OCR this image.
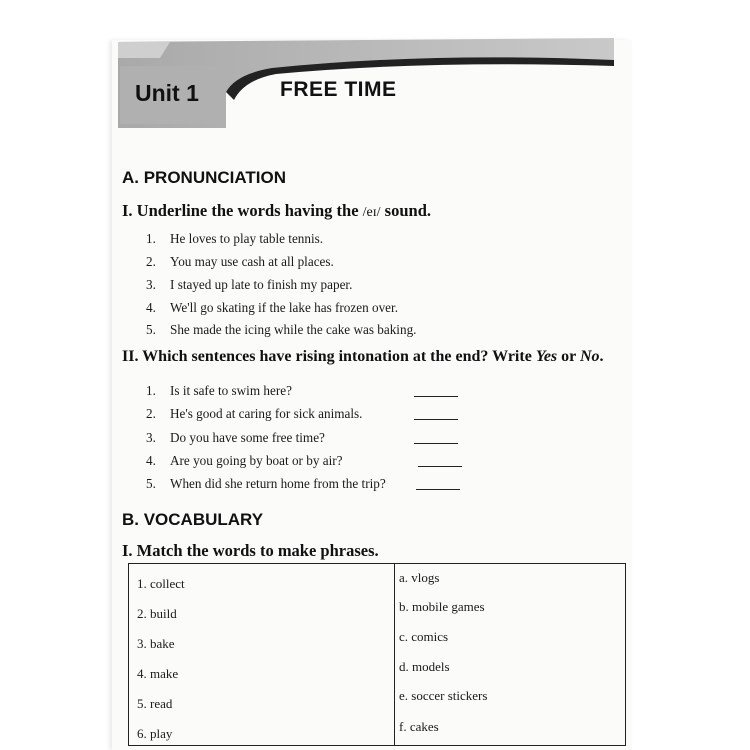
Unit 1	FREE TIME
A. PRONUNCIATION
I. Underline the words having the /eɪ/ sound.
1. He loves to play table tennis.
2. You may use cash at all places.
3. I stayed up late to finish my paper.
4. We'll go skating if the lake has frozen over.
5. She made the icing while the cake was baking.
II. Which sentences have rising intonation at the end? Write Yes or No.
1. Is it safe to swim here?
2. He's good at caring for sick animals.
3. Do you have some free time?
4. Are you going by boat or by air?
5. When did she return home from the trip?
B. VOCABULARY
I. Match the words to make phrases.
1. collect
2. build
3. bake
4. make
5. read
6. play
a. vlogs
b. mobile games
c. comics
d. models
e. soccer stickers
f. cakes
